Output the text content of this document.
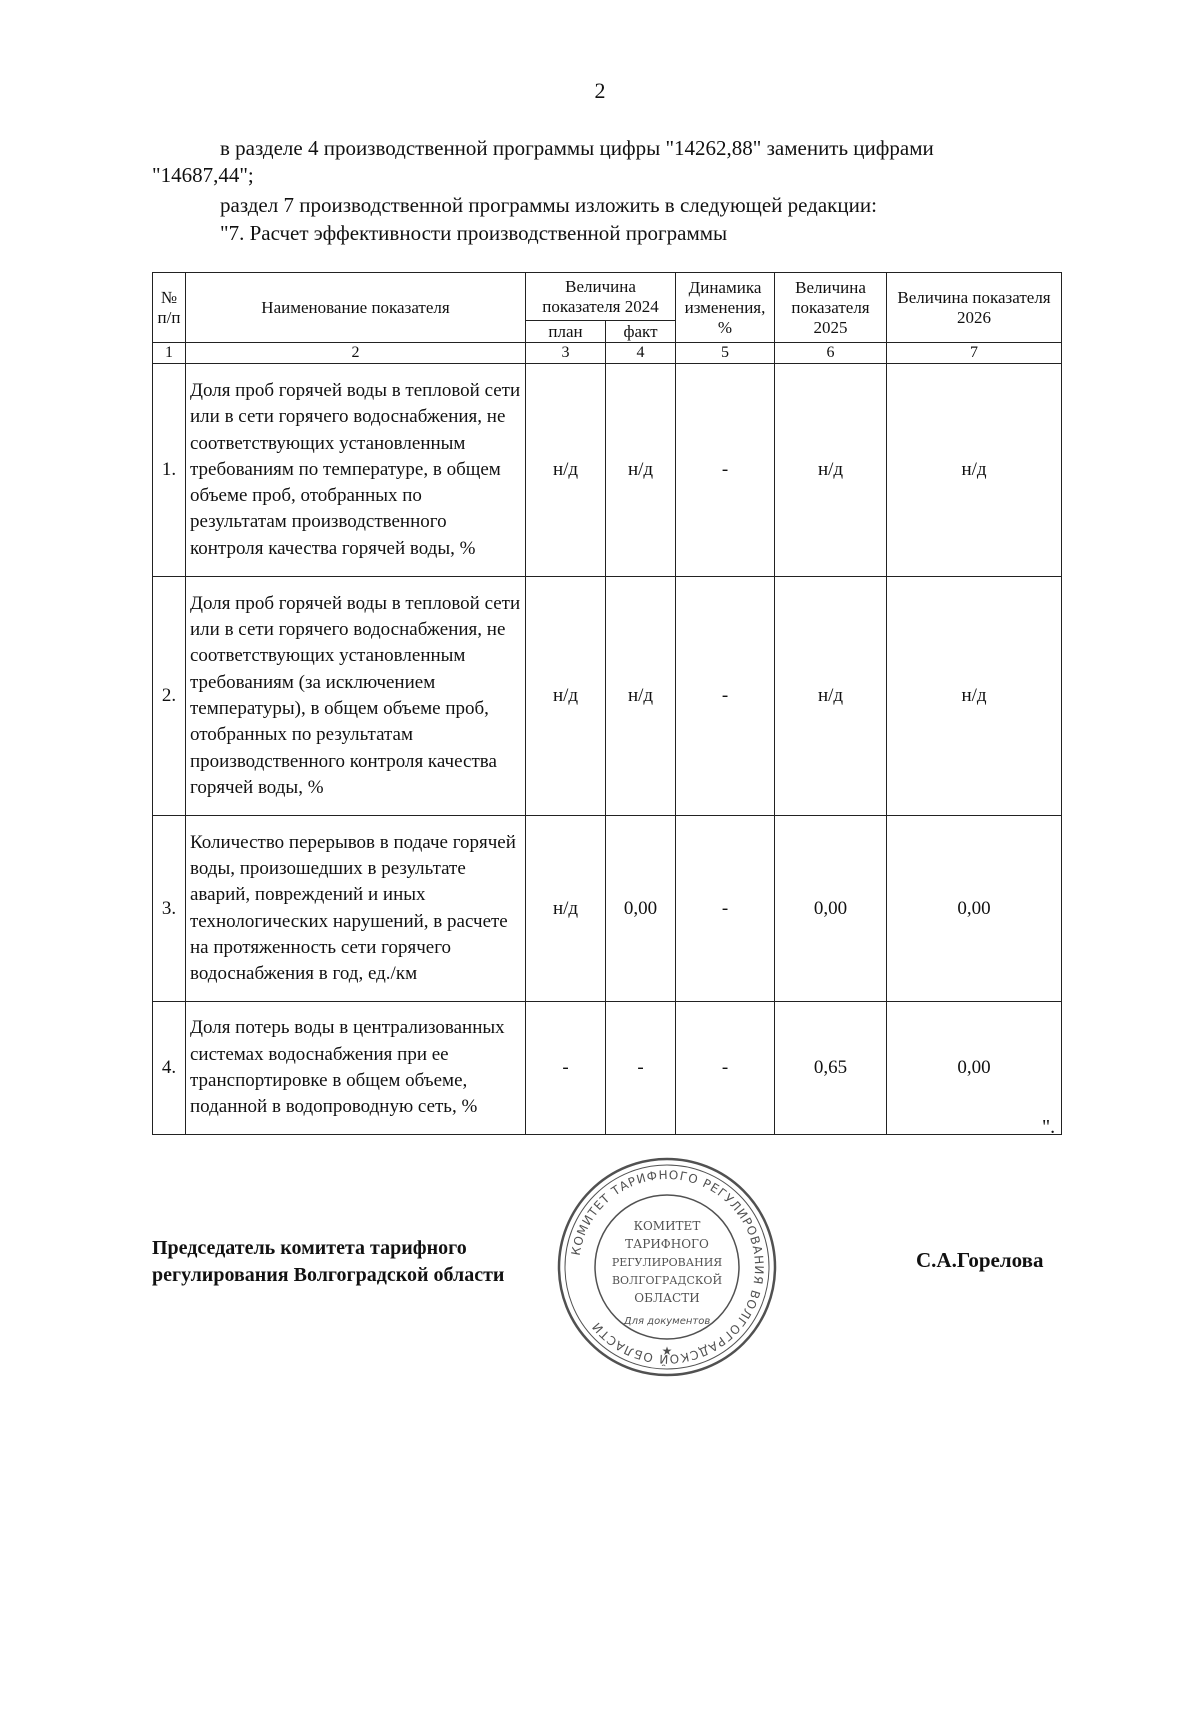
2
в разделе 4 производственной программы цифры "14262,88" заменить цифрами
"14687,44";
раздел 7 производственной программы изложить в следующей редакции:
"7. Расчет эффективности производственной программы
№ п/п	Наименование показателя	Величина показателя 2024		Динамика изменения, %	Величина показателя 2025	Величина показателя 2026
		план	факт			
1	2	3	4	5	6	7
1.	Доля проб горячей воды в тепловой сети или в сети горячего водоснабжения, не соответствующих установленным требованиям по температуре, в общем объеме проб, отобранных по результатам производственного контроля качества горячей воды, %	н/д	н/д	-	н/д	н/д
2.	Доля проб горячей воды в тепловой сети или в сети горячего водоснабжения, не соответствующих установленным требованиям (за исключением температуры), в общем объеме проб, отобранных по результатам производственного контроля качества горячей воды, %	н/д	н/д	-	н/д	н/д
3.	Количество перерывов в подаче горячей воды, произошедших в результате аварий, повреждений и иных технологических нарушений, в расчете на протяженность сети горячего водоснабжения в год, ед./км	н/д	0,00	-	0,00	0,00
4.	Доля потерь воды в централизованных системах водоснабжения при ее транспортировке в общем объеме, поданной в водопроводную сеть, %	-	-	-	0,65	0,00
".
Председатель комитета тарифного
регулирования Волгоградской области
С.А.Горелова
КОМИТЕТ ТАРИФНОГО РЕГУЛИРОВАНИЯ ВОЛГОГРАДСКОЙ ОБЛАСТИ
КОМИТЕТ
ТАРИФНОГО
РЕГУЛИРОВАНИЯ
ВОЛГОГРАДСКОЙ
ОБЛАСТИ
Для документов
★
